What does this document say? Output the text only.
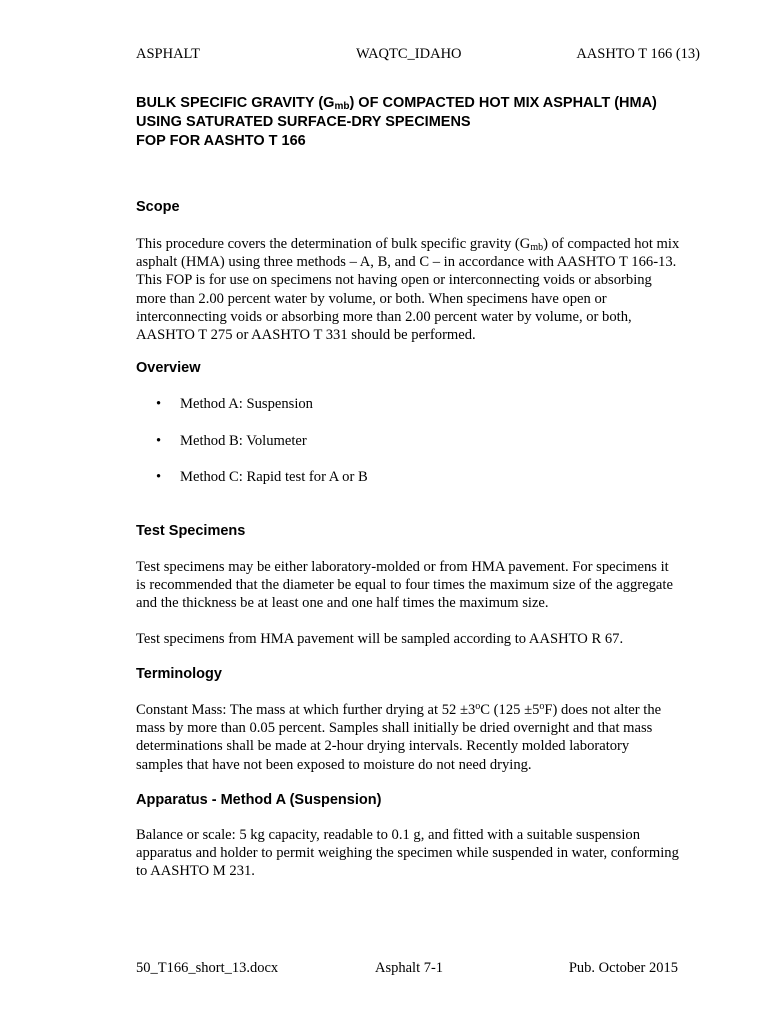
ASPHALT	WAQTC_IDAHO	AASHTO T 166 (13)
BULK SPECIFIC GRAVITY $(G_{mb})$ OF COMPACTED HOT MIX ASPHALT (HMA)
USING SATURATED SURFACE-DRY SPECIMENS
FOP FOR AASHTO T 166
Scope
This procedure covers the determination of bulk specific gravity $(G_{mb})$ of compacted hot mix
asphalt (HMA) using three methods – A, B, and C – in accordance with AASHTO T 166-13.
This FOP is for use on specimens not having open or interconnecting voids or absorbing
more than 2.00 percent water by volume, or both. When specimens have open or
interconnecting voids or absorbing more than 2.00 percent water by volume, or both,
AASHTO T 275 or AASHTO T 331 should be performed.
Overview
• Method A: Suspension
• Method B: Volumeter
• Method C: Rapid test for A or B
Test Specimens
Test specimens may be either laboratory-molded or from HMA pavement. For specimens it
is recommended that the diameter be equal to four times the maximum size of the aggregate
and the thickness be at least one and one half times the maximum size.
Test specimens from HMA pavement will be sampled according to AASHTO R 67.
Terminology
Constant Mass: The mass at which further drying at $52 \pm 3^oC$ $(125 \pm 5^oF)$ does not alter the
mass by more than 0.05 percent. Samples shall initially be dried overnight and that mass
determinations shall be made at 2-hour drying intervals. Recently molded laboratory
samples that have not been exposed to moisture do not need drying.
Apparatus - Method A (Suspension)
Balance or scale: 5 kg capacity, readable to 0.1 g, and fitted with a suitable suspension
apparatus and holder to permit weighing the specimen while suspended in water, conforming
to AASHTO M 231.
50_T166_short_13.docx	Asphalt 7-1	Pub. October 2015
